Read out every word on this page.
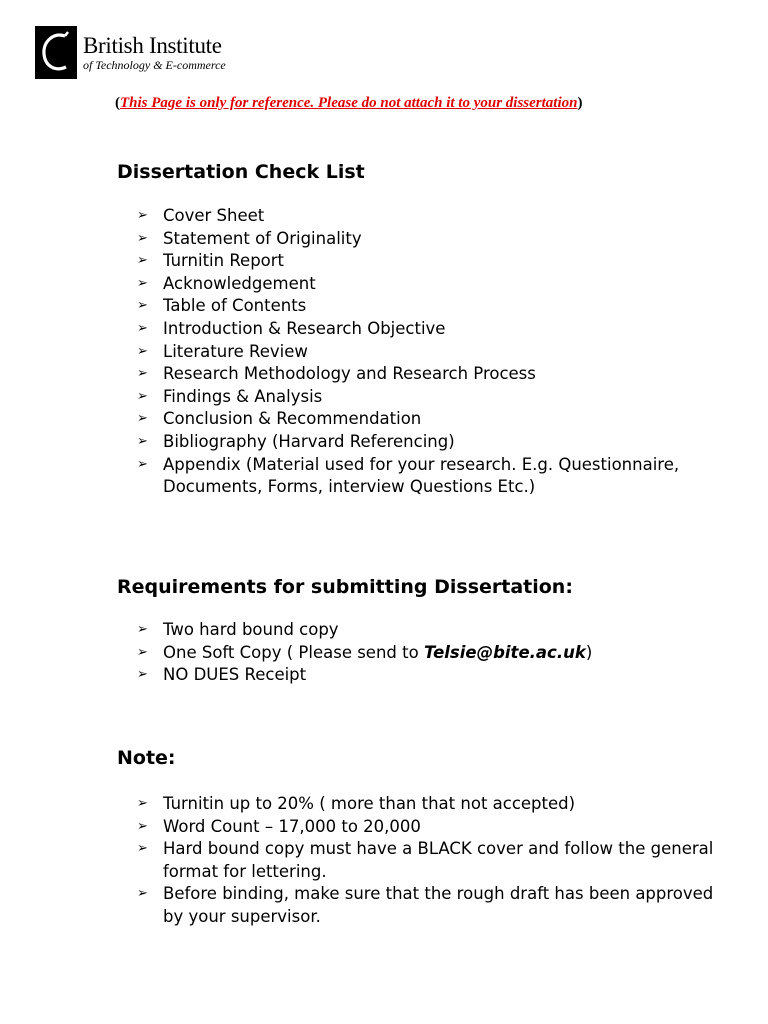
British Institute
of Technology & E-commerce
(This Page is only for reference. Please do not attach it to your dissertation)
Dissertation Check List
➢ Cover Sheet
➢ Statement of Originality
➢ Turnitin Report
➢ Acknowledgement
➢ Table of Contents
➢ Introduction & Research Objective
➢ Literature Review
➢ Research Methodology and Research Process
➢ Findings & Analysis
➢ Conclusion & Recommendation
➢ Bibliography (Harvard Referencing)
➢ Appendix (Material used for your research. E.g. Questionnaire, Documents, Forms, interview Questions Etc.)
Requirements for submitting Dissertation:
➢ Two hard bound copy
➢ One Soft Copy ( Please send to Telsie@bite.ac.uk)
➢ NO DUES Receipt
Note:
➢ Turnitin up to 20% ( more than that not accepted)
➢ Word Count – 17,000 to 20,000
➢ Hard bound copy must have a BLACK cover and follow the general format for lettering.
➢ Before binding, make sure that the rough draft has been approved by your supervisor.
